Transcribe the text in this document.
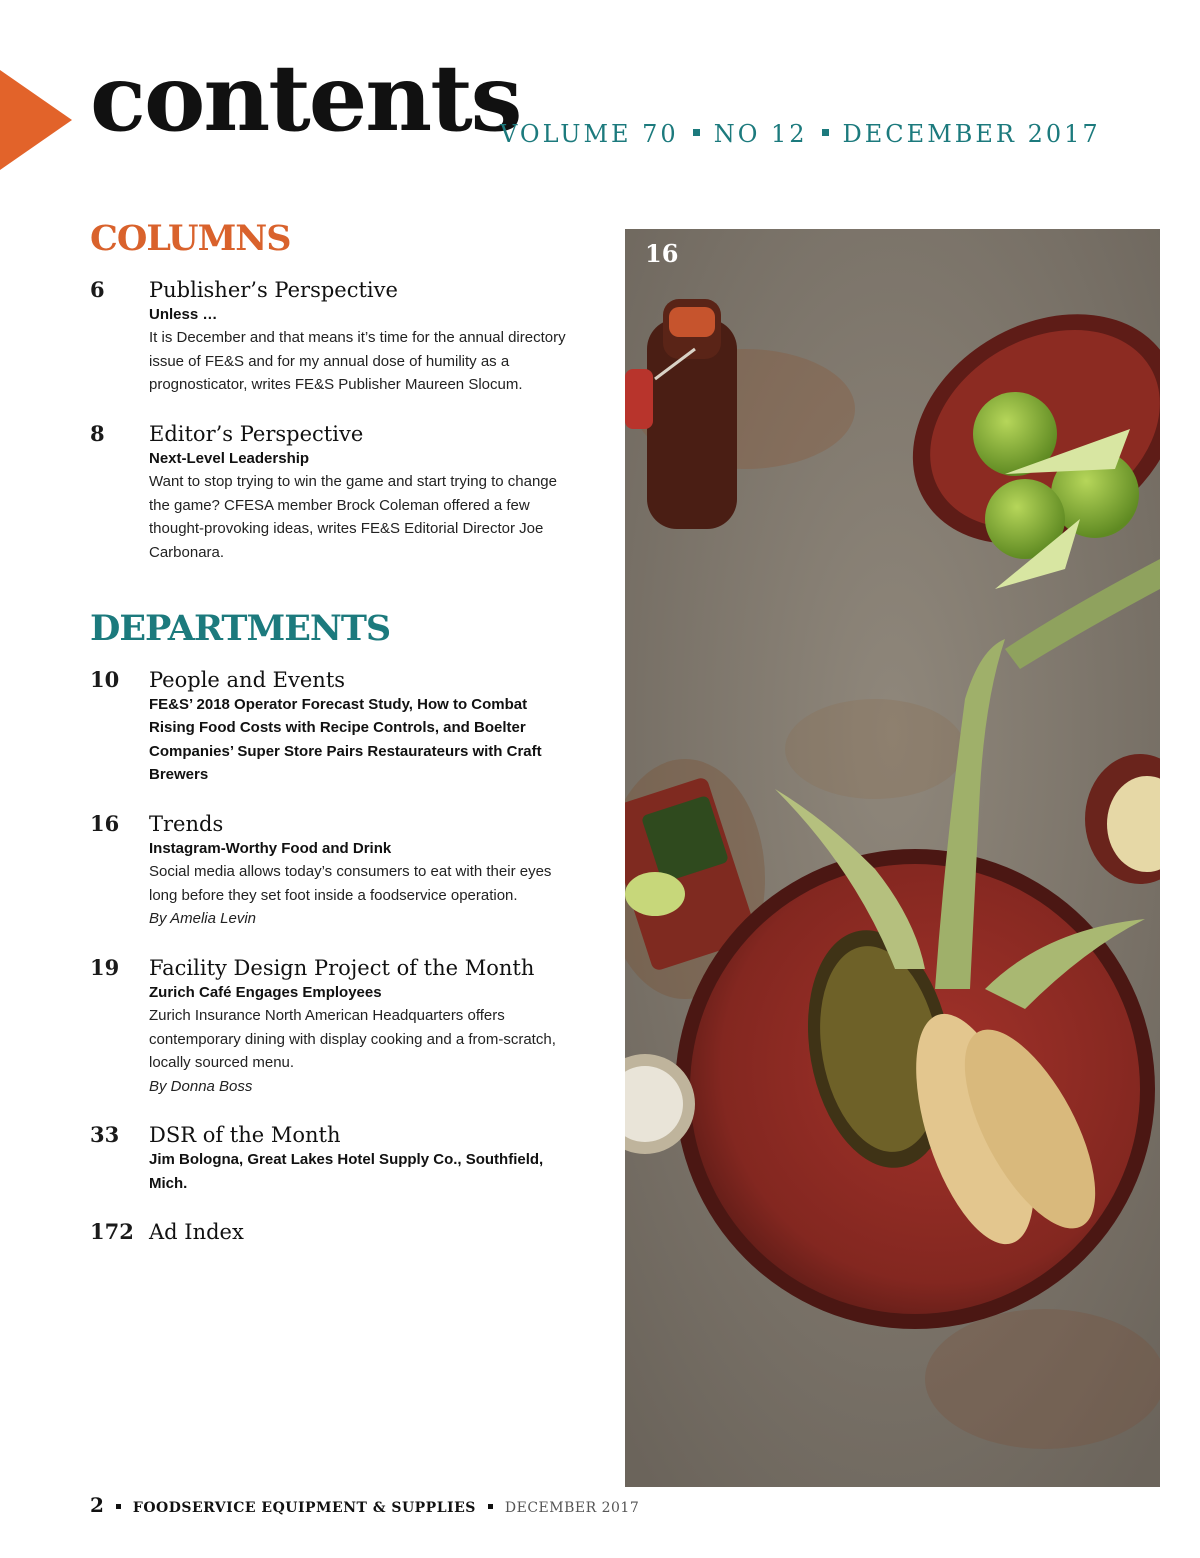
contents
VOLUME 70 NO 12 DECEMBER 2017
COLUMNS
6 Publisher’s Perspective
Unless …
It is December and that means it’s time for the annual directory issue of FE&S and for my annual dose of humility as a prognosticator, writes FE&S Publisher Maureen Slocum.
8 Editor’s Perspective
Next-Level Leadership
Want to stop trying to win the game and start trying to change the game? CFESA member Brock Coleman offered a few thought-provoking ideas, writes FE&S Editorial Director Joe Carbonara.
DEPARTMENTS
10 People and Events
FE&S’ 2018 Operator Forecast Study, How to Combat Rising Food Costs with Recipe Controls, and Boelter Companies’ Super Store Pairs Restaurateurs with Craft Brewers
16 Trends
Instagram-Worthy Food and Drink
Social media allows today’s consumers to eat with their eyes long before they set foot inside a foodservice operation.
By Amelia Levin
19 Facility Design Project of the Month
Zurich Café Engages Employees
Zurich Insurance North American Headquarters offers contemporary dining with display cooking and a from-scratch, locally sourced menu.
By Donna Boss
33 DSR of the Month
Jim Bologna, Great Lakes Hotel Supply Co., Southfield, Mich.
172 Ad Index
16
2 FOODSERVICE EQUIPMENT & SUPPLIES DECEMBER 2017
